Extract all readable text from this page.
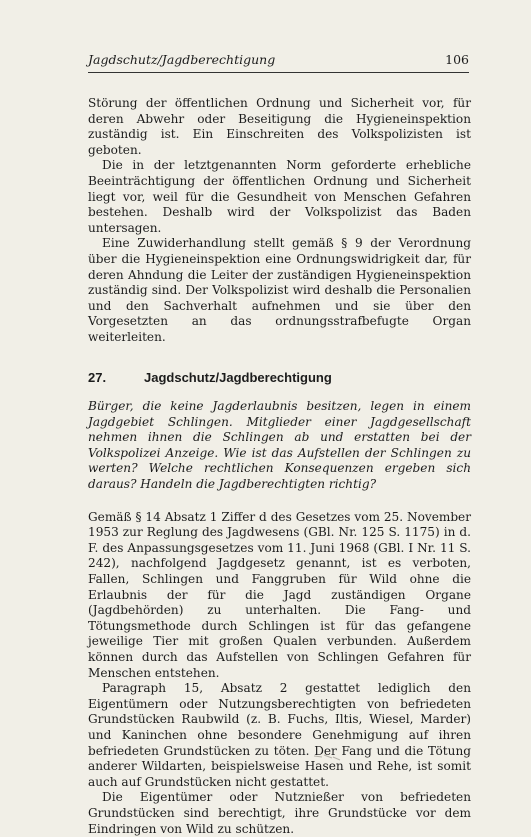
Jagdschutz/Jagdberechtigung	106

Störung der öffentlichen Ordnung und Sicherheit vor, für deren Abwehr oder Beseitigung die Hygieneinspektion zuständig ist. Ein Einschreiten des Volkspolizisten ist geboten.

Die in der letztgenannten Norm geforderte erhebliche Beeinträchtigung der öffentlichen Ordnung und Sicherheit liegt vor, weil für die Gesundheit von Menschen Gefahren bestehen. Deshalb wird der Volkspolizist das Baden untersagen.

Eine Zuwiderhandlung stellt gemäß § 9 der Verordnung über die Hygieneinspektion eine Ordnungswidrigkeit dar, für deren Ahndung die Leiter der zuständigen Hygieneinspektion zuständig sind. Der Volkspolizist wird deshalb die Personalien und den Sachverhalt aufnehmen und sie über den Vorgesetzten an das ordnungsstrafbefugte Organ weiterleiten.

27.	Jagdschutz/Jagdberechtigung

Bürger, die keine Jagderlaubnis besitzen, legen in einem Jagdgebiet Schlingen. Mitglieder einer Jagdgesellschaft nehmen ihnen die Schlingen ab und erstatten bei der Volkspolizei Anzeige. Wie ist das Aufstellen der Schlingen zu werten? Welche rechtlichen Konsequenzen ergeben sich daraus? Handeln die Jagdberechtigten richtig?

Gemäß § 14 Absatz 1 Ziffer d des Gesetzes vom 25. November 1953 zur Reglung des Jagdwesens (GBl. Nr. 125 S. 1175) in d. F. des Anpassungsgesetzes vom 11. Juni 1968 (GBl. I Nr. 11 S. 242), nachfolgend Jagdgesetz genannt, ist es verboten, Fallen, Schlingen und Fanggruben für Wild ohne die Erlaubnis der für die Jagd zuständigen Organe (Jagdbehörden) zu unterhalten. Die Fang- und Tötungsmethode durch Schlingen ist für das gefangene jeweilige Tier mit großen Qualen verbunden. Außerdem können durch das Aufstellen von Schlingen Gefahren für Menschen entstehen.

Paragraph 15, Absatz 2 gestattet lediglich den Eigentümern oder Nutzungsberechtigten von befriedeten Grundstücken Raubwild (z. B. Fuchs, Iltis, Wiesel, Marder) und Kaninchen ohne besondere Genehmigung auf ihren befriedeten Grundstücken zu töten. Der Fang und die Tötung anderer Wildarten, beispielsweise Hasen und Rehe, ist somit auch auf Grundstücken nicht gestattet.

Die Eigentümer oder Nutznießer von befriedeten Grundstücken sind berechtigt, ihre Grundstücke vor dem Eindringen von Wild zu schützen.
